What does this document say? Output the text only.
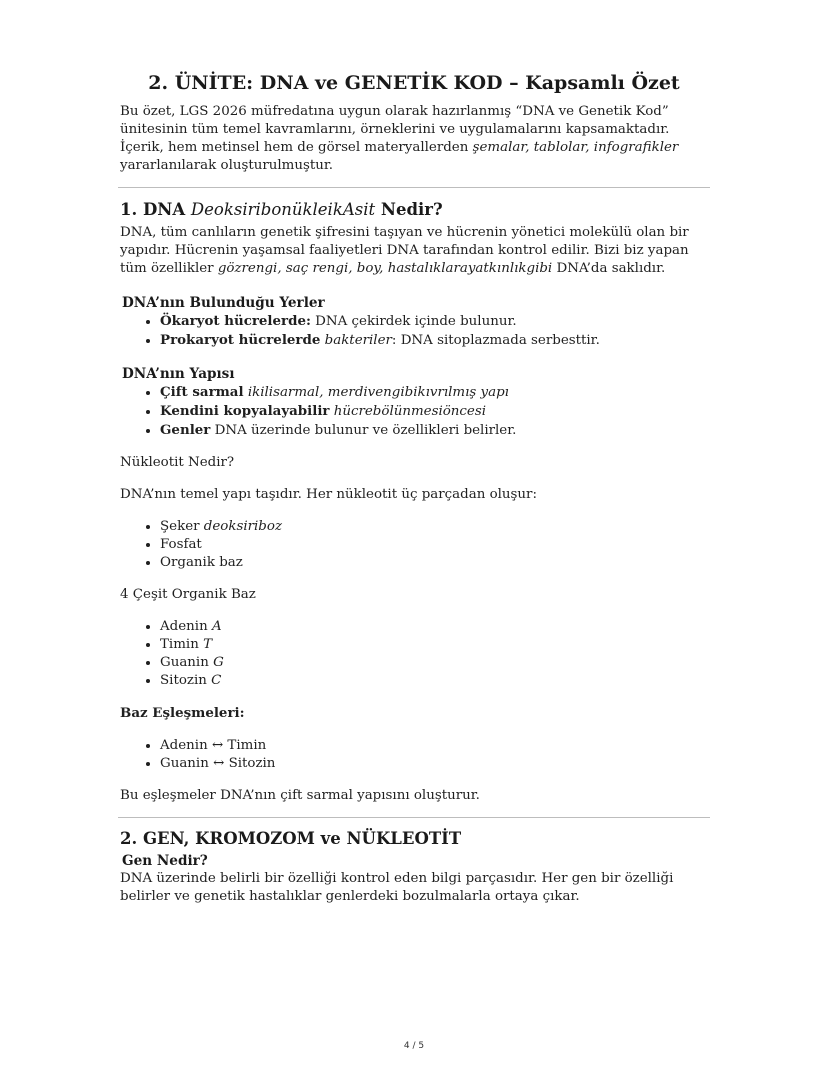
2. ÜNİTE: DNA ve GENETİK KOD – Kapsamlı Özet

Bu özet, LGS 2026 müfredatına uygun olarak hazırlanmış “DNA ve Genetik Kod” ünitesinin tüm temel kavramlarını, örneklerini ve uygulamalarını kapsamaktadır. İçerik, hem metinsel hem de görsel materyallerden şemalar, tablolar, infografikler yararlanılarak oluşturulmuştur.

1. DNA DeoksiribonükleikAsit Nedir?

DNA, tüm canlıların genetik şifresini taşıyan ve hücrenin yönetici molekülü olan bir yapıdır. Hücrenin yaşamsal faaliyetleri DNA tarafından kontrol edilir. Bizi biz yapan tüm özellikler gözrengi, saç rengi, boy, hastalıklarayatkınlıkgibi DNA’da saklıdır.

DNA’nın Bulunduğu Yerler
• Ökaryot hücrelerde: DNA çekirdek içinde bulunur.
• Prokaryot hücrelerde bakteriler: DNA sitoplazmada serbesttir.
DNA’nın Yapısı
• Çift sarmal ikilisarmal, merdivengibikıvrılmış yapı
• Kendini kopyalayabilir hücrebölünmesiöncesi
• Genler DNA üzerinde bulunur ve özellikleri belirler.

Nükleotit Nedir?

DNA’nın temel yapı taşıdır. Her nükleotit üç parçadan oluşur:

• Şeker deoksiriboz
• Fosfat
• Organik baz

4 Çeşit Organik Baz

• Adenin A
• Timin T
• Guanin G
• Sitozin C

Baz Eşleşmeleri:

• Adenin ↔ Timin
• Guanin ↔ Sitozin

Bu eşleşmeler DNA’nın çift sarmal yapısını oluşturur.

2. GEN, KROMOZOM ve NÜKLEOTİT
Gen Nedir?

DNA üzerinde belirli bir özelliği kontrol eden bilgi parçasıdır. Her gen bir özelliği belirler ve genetik hastalıklar genlerdeki bozulmalarla ortaya çıkar.

4 / 5
